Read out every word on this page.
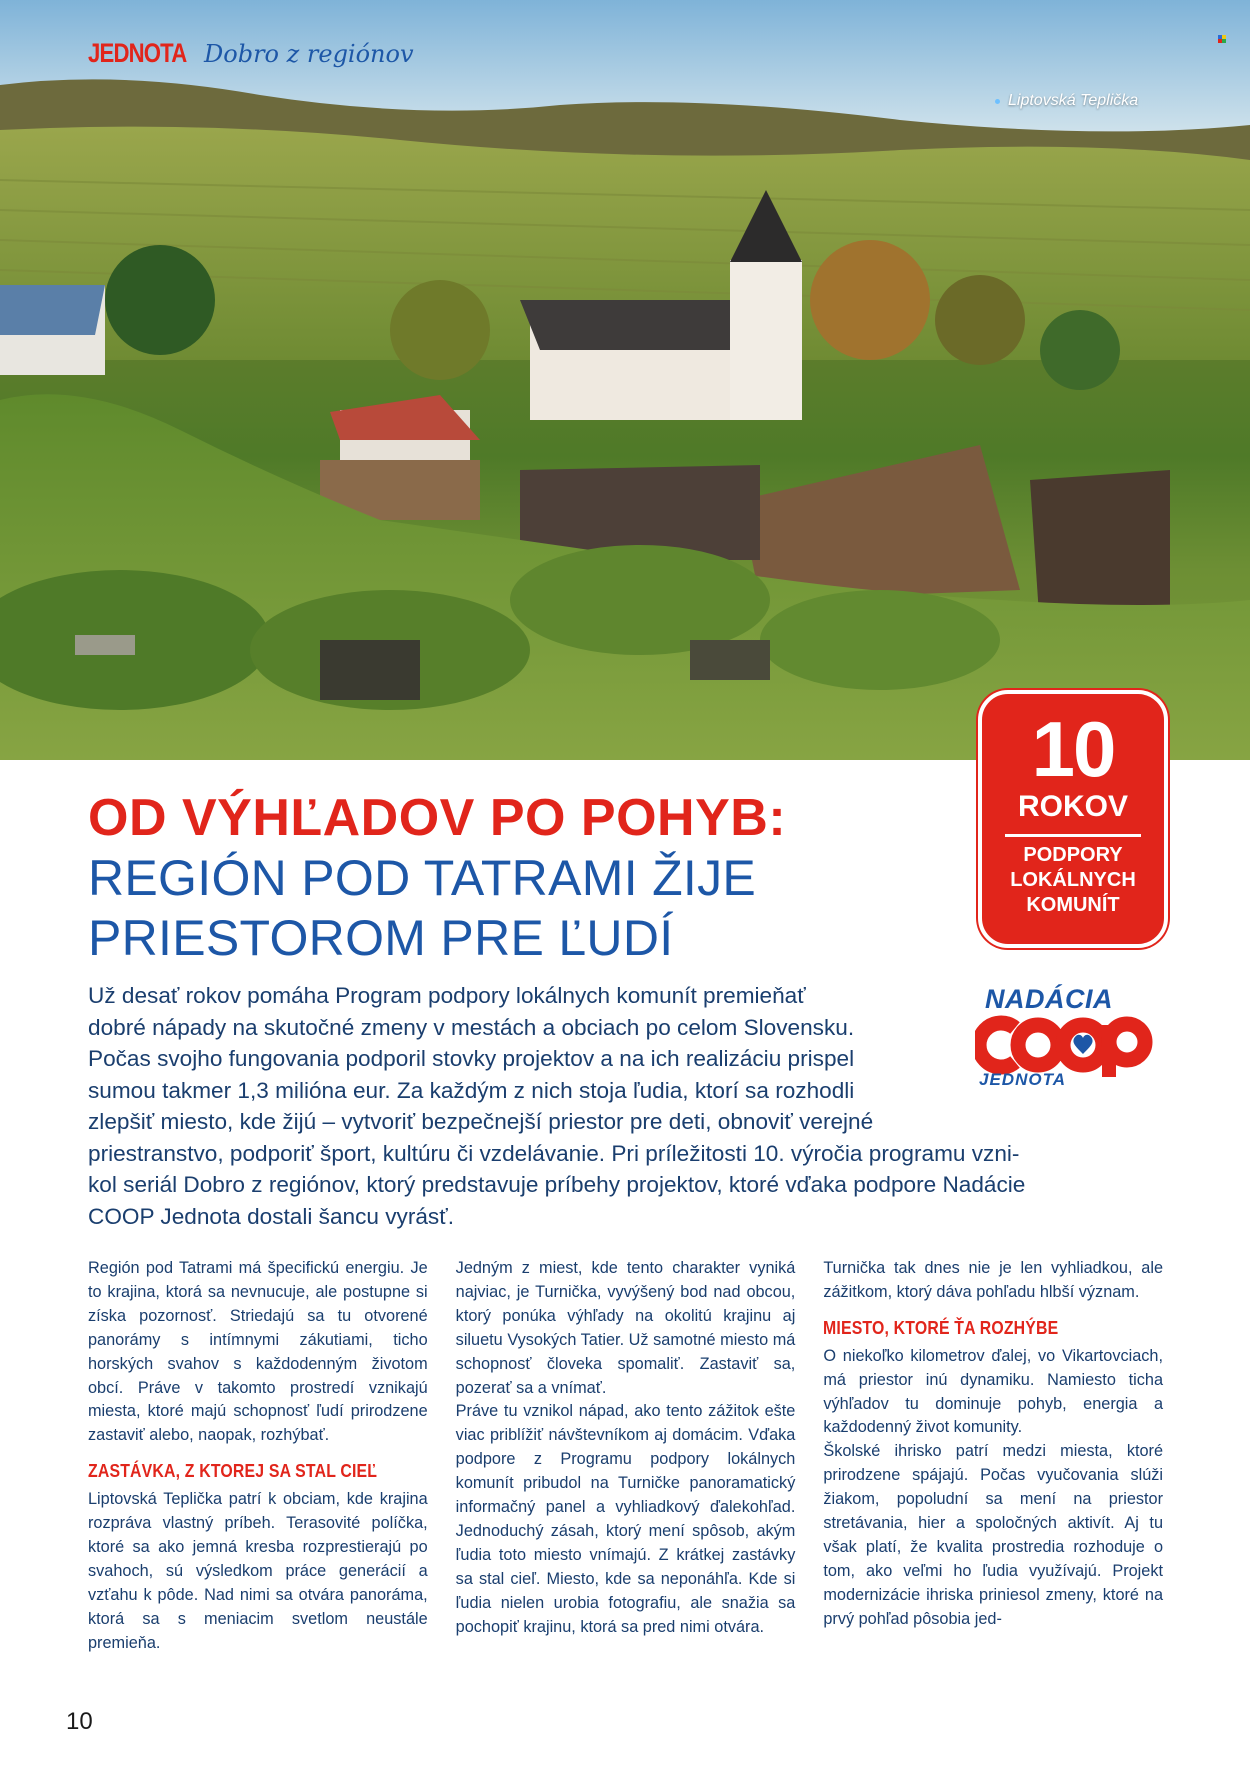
JEDNOTA Dobro z regiónov
Liptovská Teplička
10
ROKOV
PODPORY
LOKÁLNYCH
KOMUNÍT
OD VÝHĽADOV PO POHYB:
REGIÓN POD TATRAMI ŽIJE
PRIESTOROM PRE ĽUDÍ
NADÁCIA
JEDNOTA

Už desať rokov pomáha Program podpory lokálnych komunít premieňať

dobré nápady na skutočné zmeny v mestách a obciach po celom Slovensku.

Počas svojho fungovania podporil stovky projektov a na ich realizáciu prispel

sumou takmer 1,3 milióna eur. Za každým z nich stoja ľudia, ktorí sa rozhodli

zlepšiť miesto, kde žijú – vytvoriť bezpečnejší priestor pre deti, obnoviť verejné

priestranstvo, podporiť šport, kultúru či vzdelávanie. Pri príležitosti 10. výročia programu vzni-

kol seriál Dobro z regiónov, ktorý predstavuje príbehy projektov, ktoré vďaka podpore Nadácie

COOP Jednota dostali šancu vyrásť.

Región pod Tatrami má špecifickú energiu. Je to krajina, ktorá sa nevnucuje, ale postupne si získa pozornosť. Striedajú sa tu otvorené panorámy s intímnymi zákutiami, ticho horských svahov s každodenným životom obcí. Práve v takomto prostredí vznikajú miesta, ktoré majú schopnosť ľudí prirodzene zastaviť alebo, naopak, rozhýbať.

ZASTÁVKA, Z KTOREJ SA STAL CIEĽ

Liptovská Teplička patrí k obciam, kde krajina rozpráva vlastný príbeh. Terasovité políčka, ktoré sa ako jemná kresba rozprestierajú po svahoch, sú výsledkom práce generácií a vzťahu k pôde. Nad nimi sa otvára panoráma, ktorá sa s meniacim svetlom neustále premieňa.

Jedným z miest, kde tento charakter vyniká najviac, je Turnička, vyvýšený bod nad obcou, ktorý ponúka výhľady na okolitú krajinu aj siluetu Vysokých Tatier. Už samotné miesto má schopnosť človeka spomaliť. Zastaviť sa, pozerať sa a vnímať.

Práve tu vznikol nápad, ako tento zážitok ešte viac priblížiť návštevníkom aj domácim. Vďaka podpore z Programu podpory lokálnych komunít pribudol na Turničke panoramatický informačný panel a vyhliadkový ďalekohľad. Jednoduchý zásah, ktorý mení spôsob, akým ľudia toto miesto vnímajú. Z krátkej zastávky sa stal cieľ. Miesto, kde sa neponáhľa. Kde si ľudia nielen urobia fotografiu, ale snažia sa pochopiť krajinu, ktorá sa pred nimi otvára.

Turnička tak dnes nie je len vyhliadkou, ale zážitkom, ktorý dáva pohľadu hlbší význam.

MIESTO, KTORÉ ŤA ROZHÝBE

O niekoľko kilometrov ďalej, vo Vikartovciach, má priestor inú dynamiku. Namiesto ticha výhľadov tu dominuje pohyb, energia a každodenný život komunity.

Školské ihrisko patrí medzi miesta, ktoré prirodzene spájajú. Počas vyučovania slúži žiakom, popoludní sa mení na priestor stretávania, hier a spoločných aktivít. Aj tu však platí, že kvalita prostredia rozhoduje o tom, ako veľmi ho ľudia využívajú. Projekt modernizácie ihriska priniesol zmeny, ktoré na prvý pohľad pôsobia jed-

10
